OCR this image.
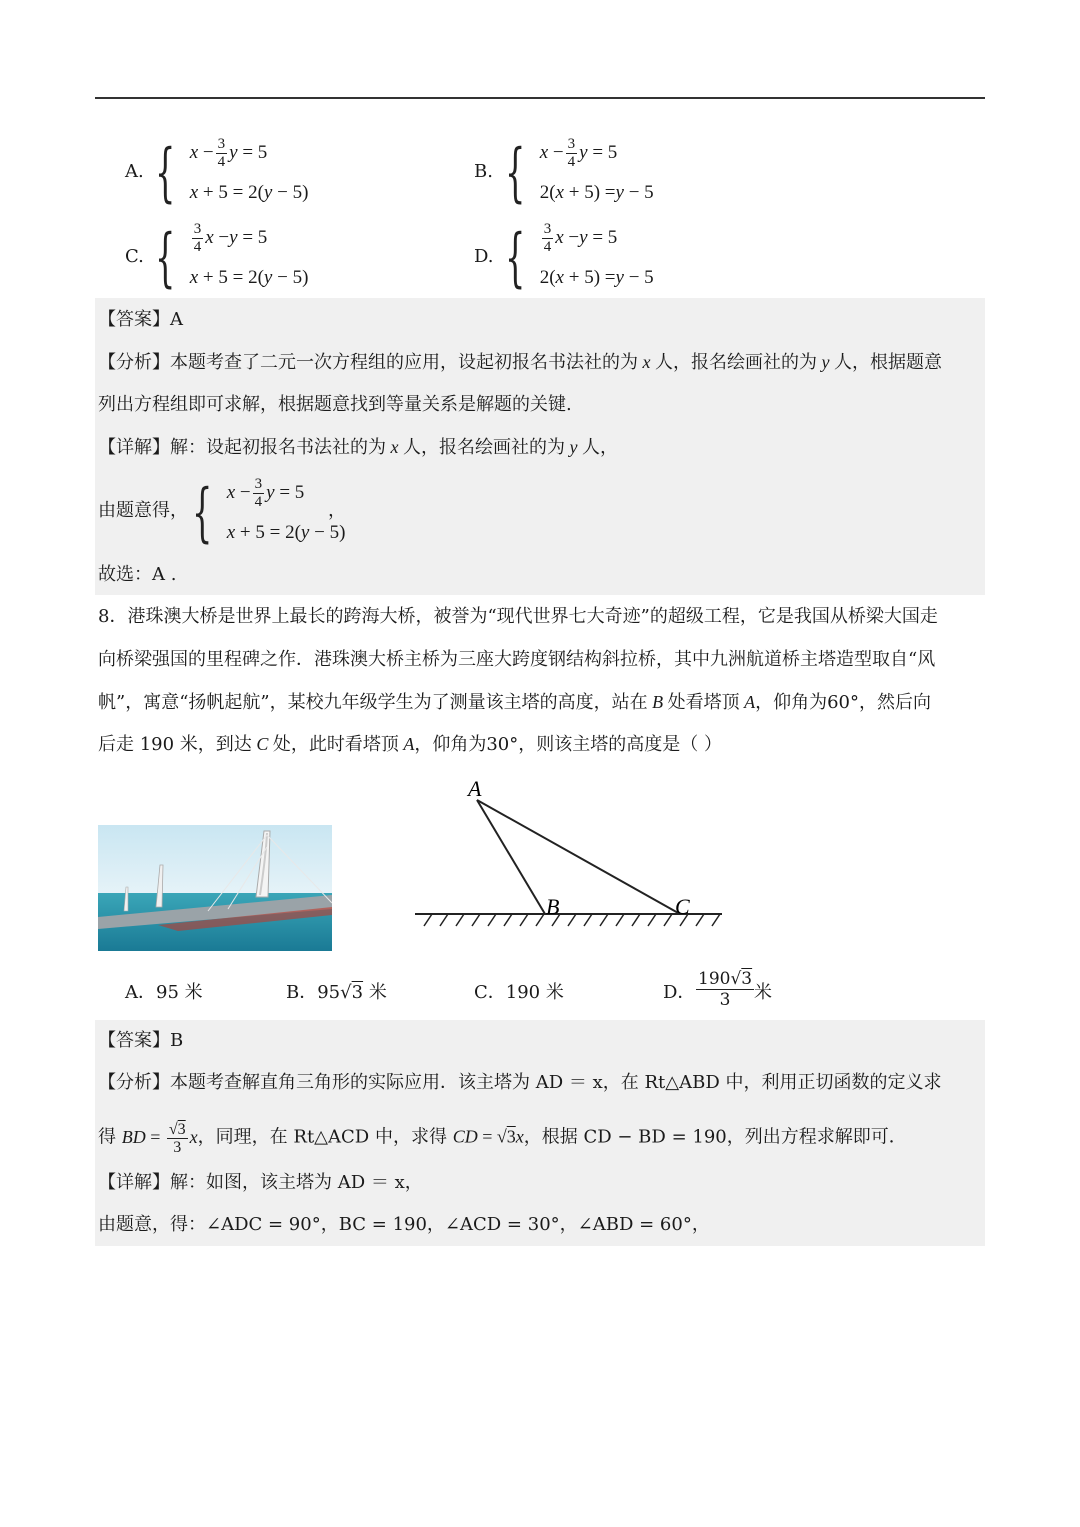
A. { $x - \frac{3}{4}$ y = 5
x + 5 = 2( y − 5)
B. { $x - \frac{3}{4}$ y = 5
2( x + 5) = y − 5
C. { $\frac{3}{4}$ x − y = 5
x + 5 = 2( y − 5)
D. { $\frac{3}{4}$ x − y = 5
2( x + 5) = y − 5
【答案】A
【分析】本题考查了二元一次方程组的应用，设起初报名书法社的为 x 人，报名绘画社的为 y 人，根据题意
列出方程组即可求解，根据题意找到等量关系是解题的关键.
【详解】解：设起初报名书法社的为 x 人，报名绘画社的为 y 人，
由题意得， { $x - \frac{3}{4}$ y = 5
x + 5 = 2( y − 5)
，
故选：A .
8．港珠澳大桥是世界上最长的跨海大桥，被誉为“现代世界七大奇迹”的超级工程，它是我国从桥梁大国走
向桥梁强国的里程碑之作．港珠澳大桥主桥为三座大跨度钢结构斜拉桥，其中九洲航道桥主塔造型取自“风
帆”，寓意“扬帆起航”，某校九年级学生为了测量该主塔的高度，站在 B 处看塔顶 A，仰角为60°，然后向
后走 190 米，到达 C 处，此时看塔顶 A，仰角为30°，则该主塔的高度是（ ）
A
B	C
A．95 米	B．95√3 米	C．190 米	D．
190√3
3 米
【答案】B
【分析】本题考查解直角三角形的实际应用．该主塔为 AD ＝ x，在 Rt△ABD 中，利用正切函数的定义求
得 BD = $\frac{√3}{3}$ x，同理，在 Rt△ACD 中，求得 CD = √3x，根据 CD − BD = 190，列出方程求解即可．
【详解】解：如图，该主塔为 AD ＝ x，
由题意，得：∠ADC = 90°，BC = 190，∠ACD = 30°，∠ABD = 60°，
